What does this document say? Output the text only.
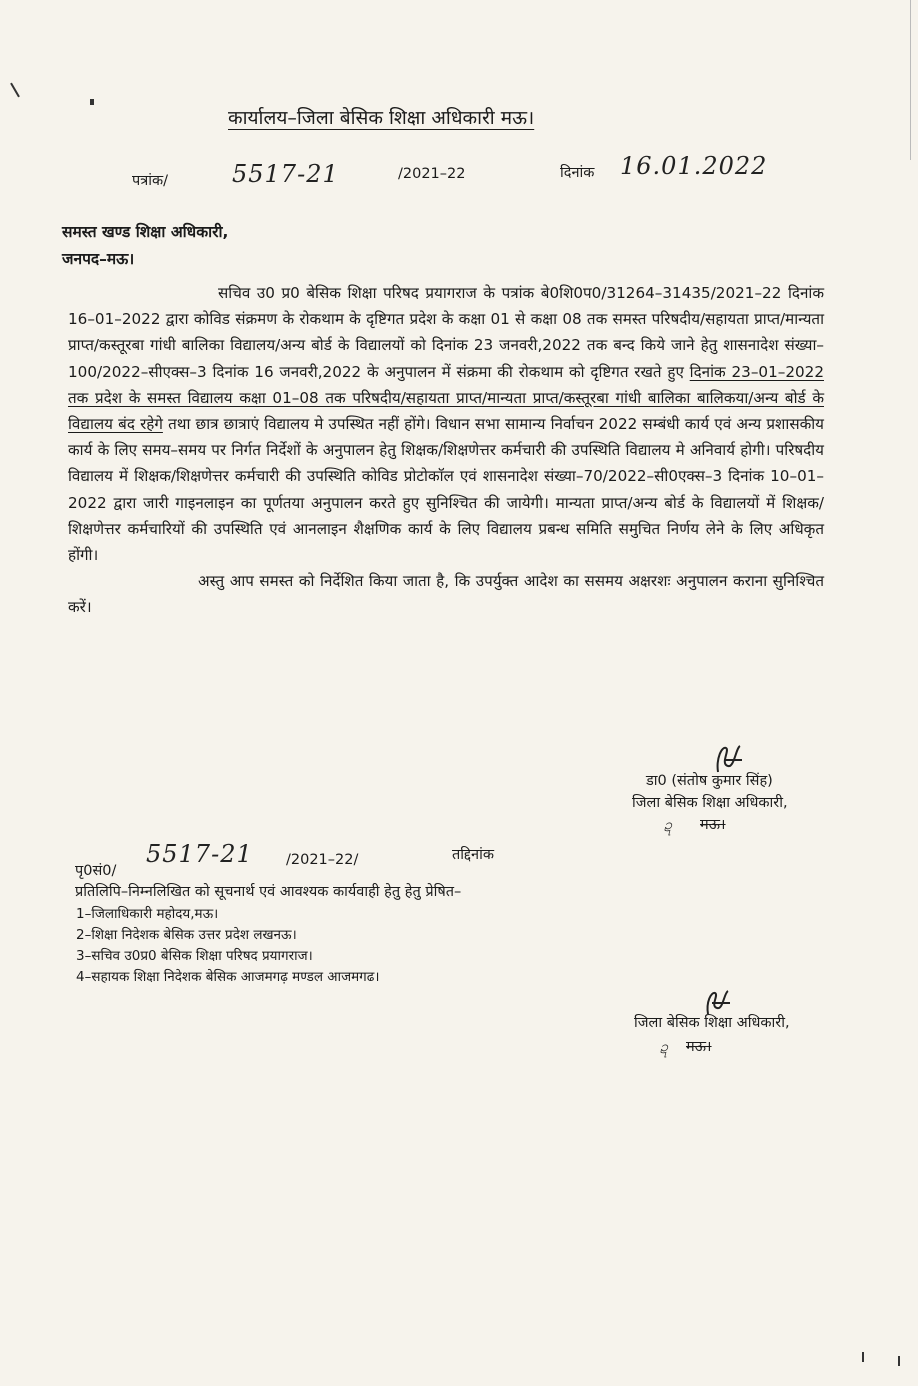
कार्यालय–जिला बेसिक शिक्षा अधिकारी मऊ।
पत्रांक/	5517-21	/2021–22	दिनांक 16.01.2022
समस्त खण्ड शिक्षा अधिकारी,
जनपद–मऊ।

सचिव उ0 प्र0 बेसिक शिक्षा परिषद प्रयागराज के पत्रांक बे0शि0प0/31264–31435/2021–22 दिनांक 16–01–2022 द्वारा कोविड संक्रमण के रोकथाम के दृष्टिगत प्रदेश के कक्षा 01 से कक्षा 08 तक समस्त परिषदीय/सहायता प्राप्त/मान्यता प्राप्त/कस्तूरबा गांधी बालिका विद्यालय/अन्य बोर्ड के विद्यालयों को दिनांक 23 जनवरी,2022 तक बन्द किये जाने हेतु शासनादेश संख्या–100/2022–सीएक्स–3 दिनांक 16 जनवरी,2022 के अनुपालन में संक्रमा की रोकथाम को दृष्टिगत रखते हुए दिनांक 23–01–2022 तक प्रदेश के समस्त विद्यालय कक्षा 01–08 तक परिषदीय/सहायता प्राप्त/मान्यता प्राप्त/कस्तूरबा गांधी बालिका बालिकया/अन्य बोर्ड के विद्यालय बंद रहेगे तथा छात्र छात्राएं विद्यालय मे उपस्थित नहीं होंगे। विधान सभा सामान्य निर्वाचन 2022 सम्बंधी कार्य एवं अन्य प्रशासकीय कार्य के लिए समय–समय पर निर्गत निर्देशों के अनुपालन हेतु शिक्षक/शिक्षणेत्तर कर्मचारी की उपस्थिति विद्यालय मे अनिवार्य होगी। परिषदीय विद्यालय में शिक्षक/शिक्षणेत्तर कर्मचारी की उपस्थिति कोविड प्रोटोकाॅल एवं शासनादेश संख्या–70/2022–सी0एक्स–3 दिनांक 10–01–2022 द्वारा जारी गाइनलाइन का पूर्णतया अनुपालन करते हुए सुनिश्चित की जायेगी। मान्यता प्राप्त/अन्य बोर्ड के विद्यालयों में शिक्षक/शिक्षणेत्तर कर्मचारियों की उपस्थिति एवं आनलाइन शैक्षणिक कार्य के लिए विद्यालय प्रबन्ध समिति समुचित निर्णय लेने के लिए अधिकृत होंगी।

अस्तु आप समस्त को निर्देशित किया जाता है, कि उपर्युक्त आदेश का ससमय अक्षरशः अनुपालन कराना सुनिश्चित करें।

डा0 (संतोष कुमार सिंह)
जिला बेसिक शिक्षा अधिकारी,
ဍ मऊ।
पृ0सं0/
5517-21 /2021–22/	तद्दिनांक
प्रतिलिपि–निम्नलिखित को सूचनार्थ एवं आवश्यक कार्यवाही हेतु हेतु प्रेषित–
1–जिलाधिकारी महोदय,मऊ।
2–शिक्षा निदेशक बेसिक उत्तर प्रदेश लखनऊ।
3–सचिव उ0प्र0 बेसिक शिक्षा परिषद प्रयागराज।
4–सहायक शिक्षा निदेशक बेसिक आजमगढ़ मण्डल आजमगढ।
जिला बेसिक शिक्षा अधिकारी,
ဍ मऊ।
